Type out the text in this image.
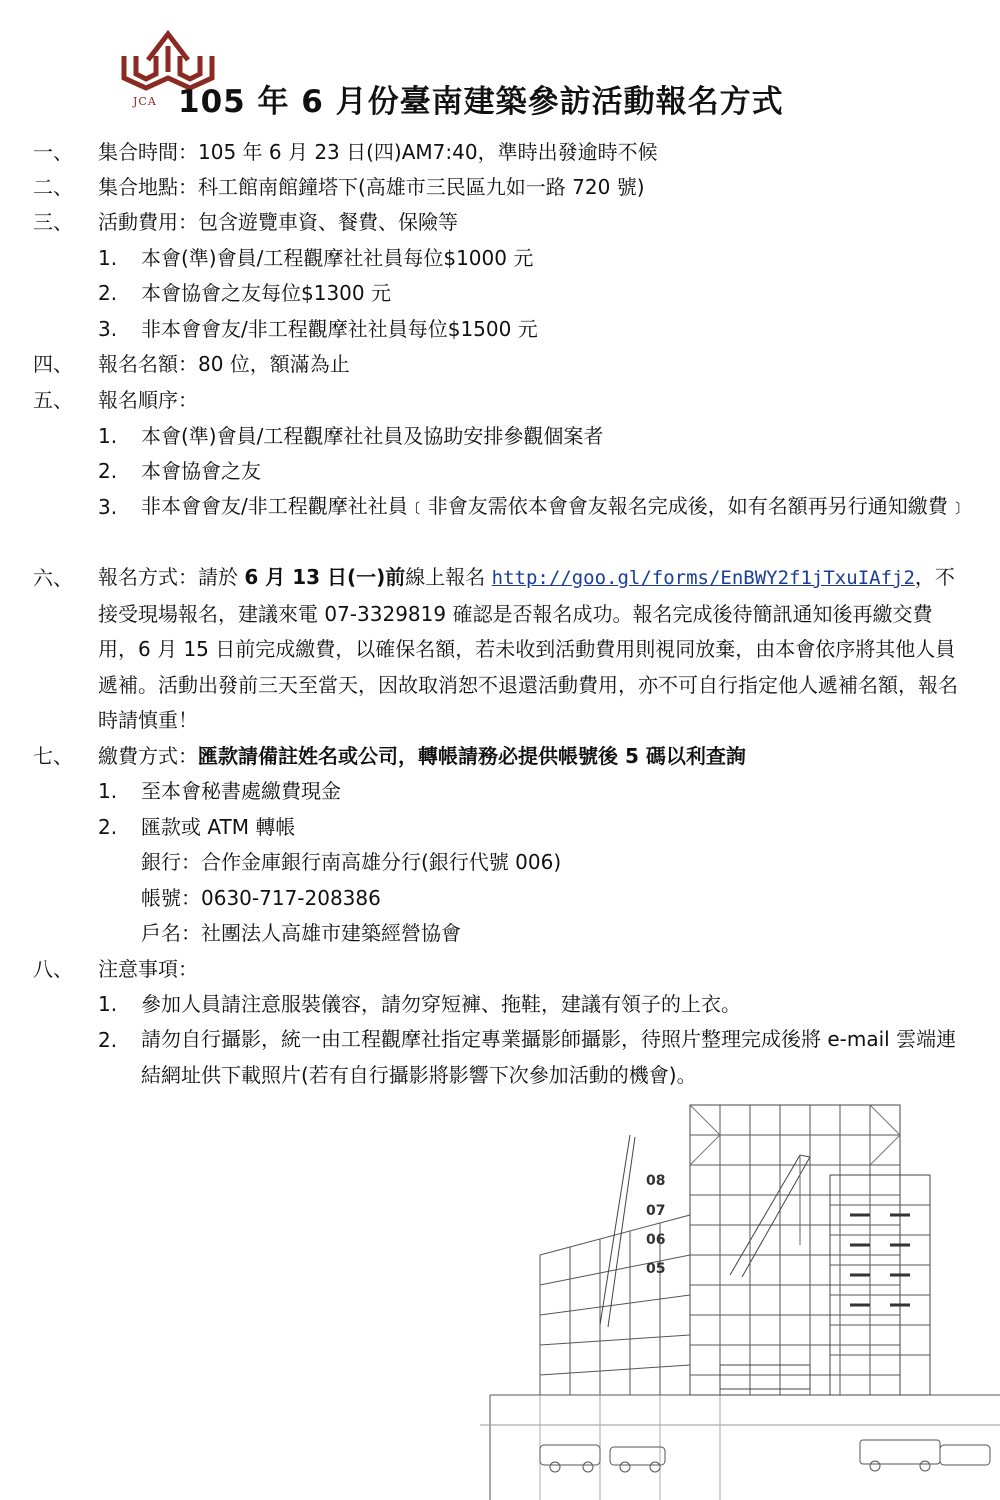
JCA 105 年 6 月份臺南建築參訪活動報名方式
一、 集合時間：105 年 6 月 23 日(四)AM7:40，準時出發逾時不候
二、 集合地點：科工館南館鐘塔下(高雄市三民區九如一路 720 號)
三、 活動費用：包含遊覽車資、餐費、保險等
1. 本會(準)會員/工程觀摩社社員每位$1000 元
2. 本會協會之友每位$1300 元
3. 非本會會友/非工程觀摩社社員每位$1500 元
四、 報名名額：80 位，額滿為止
五、 報名順序：
1. 本會(準)會員/工程觀摩社社員及協助安排參觀個案者
2. 本會協會之友
3. 非本會會友/非工程觀摩社社員﹝非會友需依本會會友報名完成後，如有名額再另行通知繳費﹞
六、 報名方式：請於 6 月 13 日(一)前線上報名 http://goo.gl/forms/EnBWY2f1jTxuIAfj2，不接受現場報名，建議來電 07-3329819 確認是否報名成功。報名完成後待簡訊通知後再繳交費用，6 月 15 日前完成繳費，以確保名額，若未收到活動費用則視同放棄，由本會依序將其他人員遞補。活動出發前三天至當天，因故取消恕不退還活動費用，亦不可自行指定他人遞補名額，報名時請慎重！
七、 繳費方式：匯款請備註姓名或公司，轉帳請務必提供帳號後 5 碼以利查詢
1. 至本會秘書處繳費現金
2. 匯款或 ATM 轉帳
銀行：合作金庫銀行南高雄分行(銀行代號 006)
帳號：0630-717-208386
戶名：社團法人高雄市建築經營協會
八、 注意事項：
1. 參加人員請注意服裝儀容，請勿穿短褲、拖鞋，建議有領子的上衣。
2. 請勿自行攝影，統一由工程觀摩社指定專業攝影師攝影，待照片整理完成後將 e-mail 雲端連結網址供下載照片(若有自行攝影將影響下次參加活動的機會)。
08
07
06
05
